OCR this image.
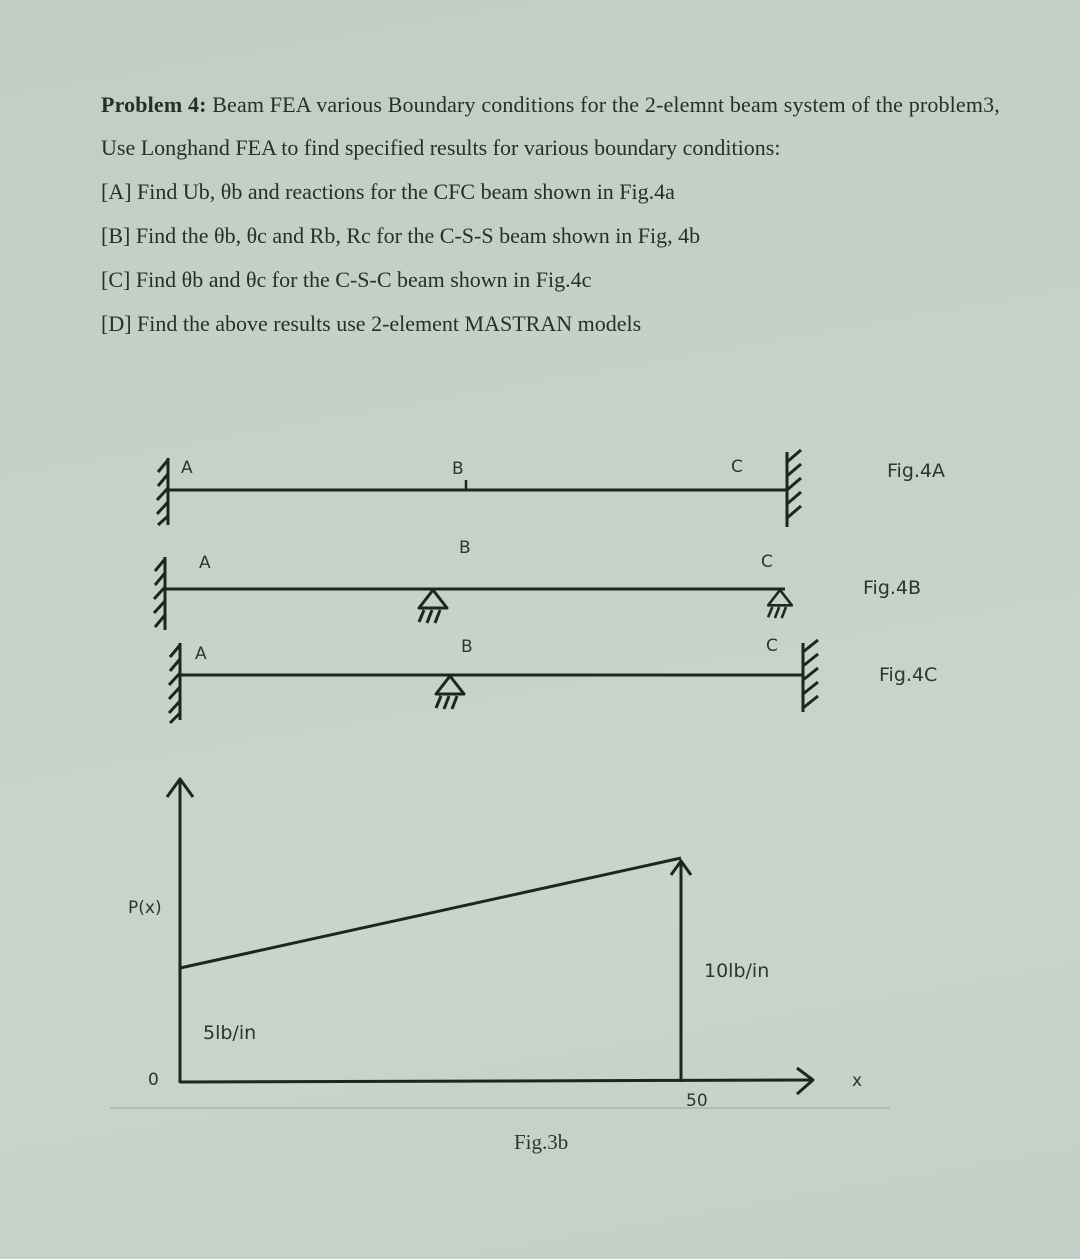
Problem 4: Beam FEA various Boundary conditions for the 2-elemnt beam system of the problem3,

Use Longhand FEA to find specified results for various boundary conditions:

[A] Find Ub, θb and reactions for the CFC beam shown in Fig.4a

[B] Find the θb, θc and Rb, Rc for the C-S-S beam shown in Fig, 4b

[C] Find θb and θc for the C-S-C beam shown in Fig.4c

[D] Find the above results use 2-element MASTRAN models

A	B	C	Fig.4A
A
B
C
Fig.4B
A	B	C
Fig.4C
P(x)
0
5lb/in
10lb/in
50
x
Fig.3b
